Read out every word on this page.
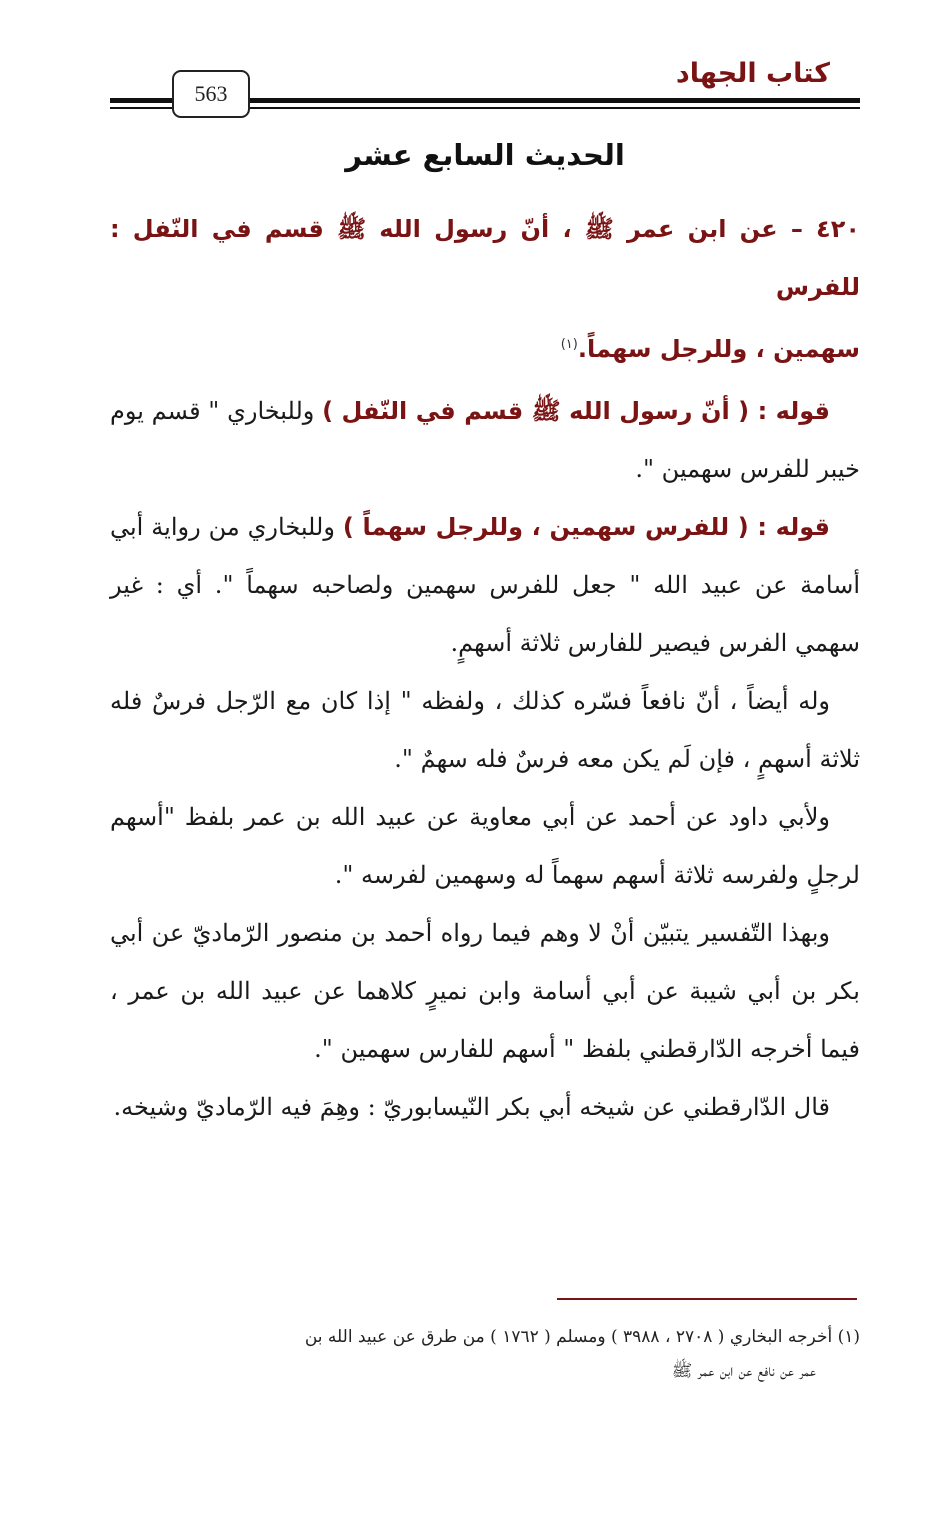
563
كتاب الجهاد
الحديث السابع عشر
٤٢٠ – عن ابن عمر ﷺ ، أنّ رسول الله ﷺ قسم في النّفل : للفرس
سهمين ، وللرجل سهماً.$^{(١)}$

قوله : ( أنّ رسول الله ﷺ قسم في النّفل ) وللبخاري " قسم يوم خيبر للفرس سهمين ".

قوله : ( للفرس سهمين ، وللرجل سهماً ) وللبخاري من رواية أبي أسامة عن عبيد الله " جعل للفرس سهمين ولصاحبه سهماً ". أي : غير سهمي الفرس فيصير للفارس ثلاثة أسهمٍ.

وله أيضاً ، أنّ نافعاً فسّره كذلك ، ولفظه " إذا كان مع الرّجل فرسٌ فله ثلاثة أسهمٍ ، فإن لَم يكن معه فرسٌ فله سهمٌ ".

ولأبي داود عن أحمد عن أبي معاوية عن عبيد الله بن عمر بلفظ "أسهم لرجلٍ ولفرسه ثلاثة أسهم سهماً له وسهمين لفرسه ".

وبهذا التّفسير يتبيّن أنْ لا وهم فيما رواه أحمد بن منصور الرّماديّ عن أبي بكر بن أبي شيبة عن أبي أسامة وابن نميرٍ كلاهما عن عبيد الله بن عمر ، فيما أخرجه الدّارقطني بلفظ " أسهم للفارس سهمين ".

قال الدّارقطني عن شيخه أبي بكر النّيسابوريّ : وهِمَ فيه الرّماديّ وشيخه.

(١) أخرجه البخاري ( ٢٧٠٨ ، ٣٩٨٨ ) ومسلم ( ١٧٦٢ ) من طرق عن عبيد الله بن

عمر عن نافع عن ابن عمر ﷺ
